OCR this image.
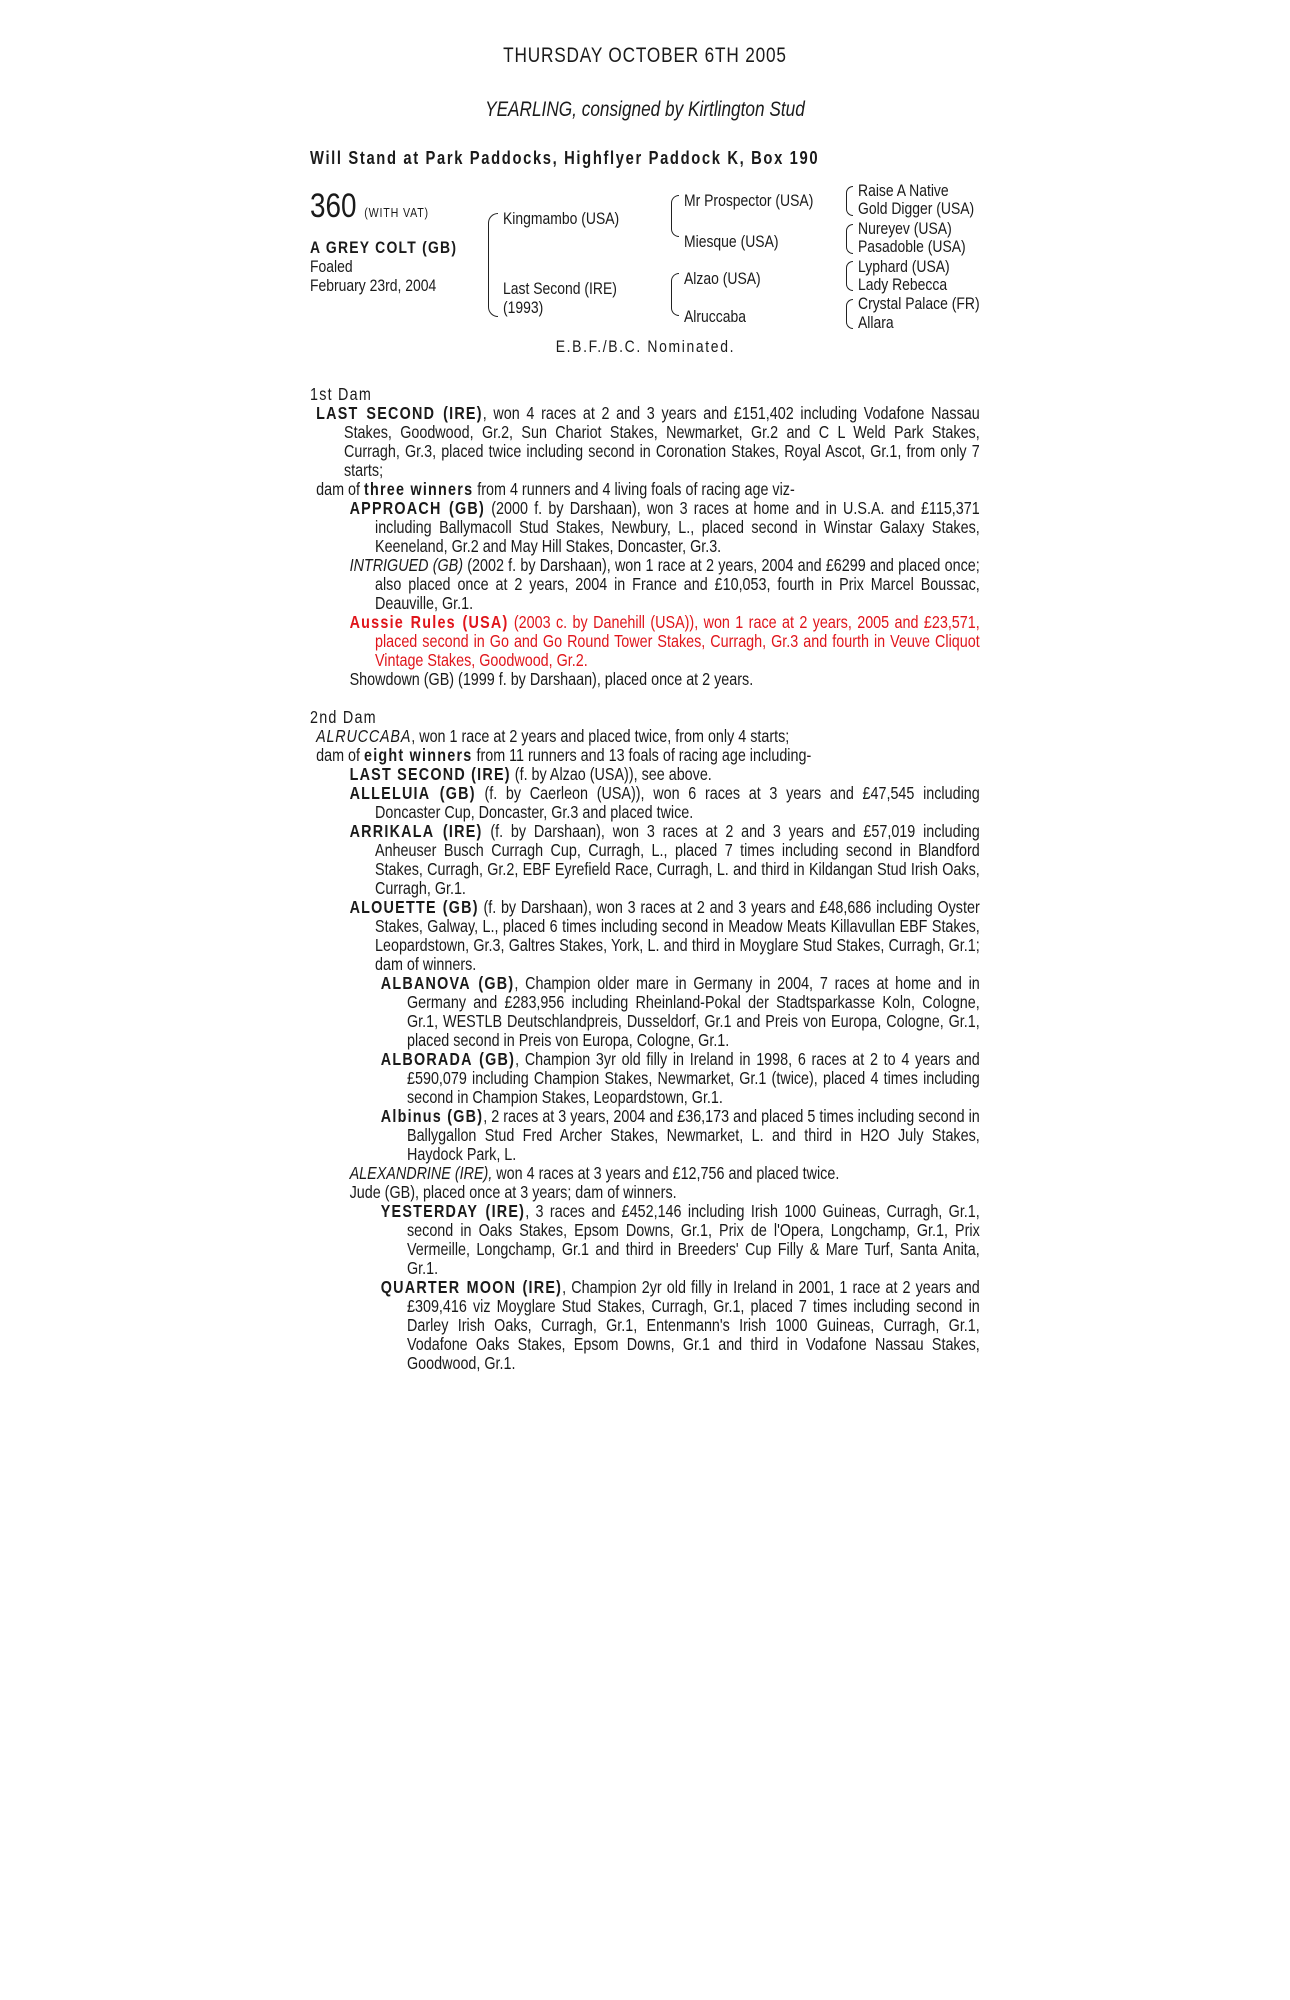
THURSDAY OCTOBER 6TH 2005
YEARLING, consigned by Kirtlington Stud
Will Stand at Park Paddocks, Highflyer Paddock K, Box 190
360 (WITH VAT)
A GREY COLT (GB)
Foaled
February 23rd, 2004
Kingmambo (USA)
Last Second (IRE)
(1993)
Mr Prospector (USA)
Miesque (USA)
Alzao (USA)
Alruccaba
Raise A Native
Gold Digger (USA)
Nureyev (USA)
Pasadoble (USA)
Lyphard (USA)
Lady Rebecca
Crystal Palace (FR)
Allara
E.B.F./B.C. Nominated.
1st Dam
LAST SECOND (IRE), won 4 races at 2 and 3 years and £151,402 including Vodafone Nassau Stakes, Goodwood, Gr.2, Sun Chariot Stakes, Newmarket, Gr.2 and C L Weld Park Stakes, Curragh, Gr.3, placed twice including second in Coronation Stakes, Royal Ascot, Gr.1, from only 7 starts;
dam of three winners from 4 runners and 4 living foals of racing age viz-
APPROACH (GB) (2000 f. by Darshaan), won 3 races at home and in U.S.A. and £115,371 including Ballymacoll Stud Stakes, Newbury, L., placed second in Winstar Galaxy Stakes, Keeneland, Gr.2 and May Hill Stakes, Doncaster, Gr.3.
INTRIGUED (GB) (2002 f. by Darshaan), won 1 race at 2 years, 2004 and £6299 and placed once; also placed once at 2 years, 2004 in France and £10,053, fourth in Prix Marcel Boussac, Deauville, Gr.1.
Aussie Rules (USA) (2003 c. by Danehill (USA)), won 1 race at 2 years, 2005 and £23,571, placed second in Go and Go Round Tower Stakes, Curragh, Gr.3 and fourth in Veuve Cliquot Vintage Stakes, Goodwood, Gr.2.
Showdown (GB) (1999 f. by Darshaan), placed once at 2 years.
2nd Dam
ALRUCCABA, won 1 race at 2 years and placed twice, from only 4 starts;
dam of eight winners from 11 runners and 13 foals of racing age including-
LAST SECOND (IRE) (f. by Alzao (USA)), see above.
ALLELUIA (GB) (f. by Caerleon (USA)), won 6 races at 3 years and £47,545 including Doncaster Cup, Doncaster, Gr.3 and placed twice.
ARRIKALA (IRE) (f. by Darshaan), won 3 races at 2 and 3 years and £57,019 including Anheuser Busch Curragh Cup, Curragh, L., placed 7 times including second in Blandford Stakes, Curragh, Gr.2, EBF Eyrefield Race, Curragh, L. and third in Kildangan Stud Irish Oaks, Curragh, Gr.1.
ALOUETTE (GB) (f. by Darshaan), won 3 races at 2 and 3 years and £48,686 including Oyster Stakes, Galway, L., placed 6 times including second in Meadow Meats Killavullan EBF Stakes, Leopardstown, Gr.3, Galtres Stakes, York, L. and third in Moyglare Stud Stakes, Curragh, Gr.1; dam of winners.
ALBANOVA (GB), Champion older mare in Germany in 2004, 7 races at home and in Germany and £283,956 including Rheinland-Pokal der Stadtsparkasse Koln, Cologne, Gr.1, WESTLB Deutschlandpreis, Dusseldorf, Gr.1 and Preis von Europa, Cologne, Gr.1, placed second in Preis von Europa, Cologne, Gr.1.
ALBORADA (GB), Champion 3yr old filly in Ireland in 1998, 6 races at 2 to 4 years and £590,079 including Champion Stakes, Newmarket, Gr.1 (twice), placed 4 times including second in Champion Stakes, Leopardstown, Gr.1.
Albinus (GB), 2 races at 3 years, 2004 and £36,173 and placed 5 times including second in Ballygallon Stud Fred Archer Stakes, Newmarket, L. and third in H2O July Stakes, Haydock Park, L.
ALEXANDRINE (IRE), won 4 races at 3 years and £12,756 and placed twice.
Jude (GB), placed once at 3 years; dam of winners.
YESTERDAY (IRE), 3 races and £452,146 including Irish 1000 Guineas, Curragh, Gr.1, second in Oaks Stakes, Epsom Downs, Gr.1, Prix de l'Opera, Longchamp, Gr.1, Prix Vermeille, Longchamp, Gr.1 and third in Breeders' Cup Filly & Mare Turf, Santa Anita, Gr.1.
QUARTER MOON (IRE), Champion 2yr old filly in Ireland in 2001, 1 race at 2 years and £309,416 viz Moyglare Stud Stakes, Curragh, Gr.1, placed 7 times including second in Darley Irish Oaks, Curragh, Gr.1, Entenmann's Irish 1000 Guineas, Curragh, Gr.1, Vodafone Oaks Stakes, Epsom Downs, Gr.1 and third in Vodafone Nassau Stakes, Goodwood, Gr.1.
